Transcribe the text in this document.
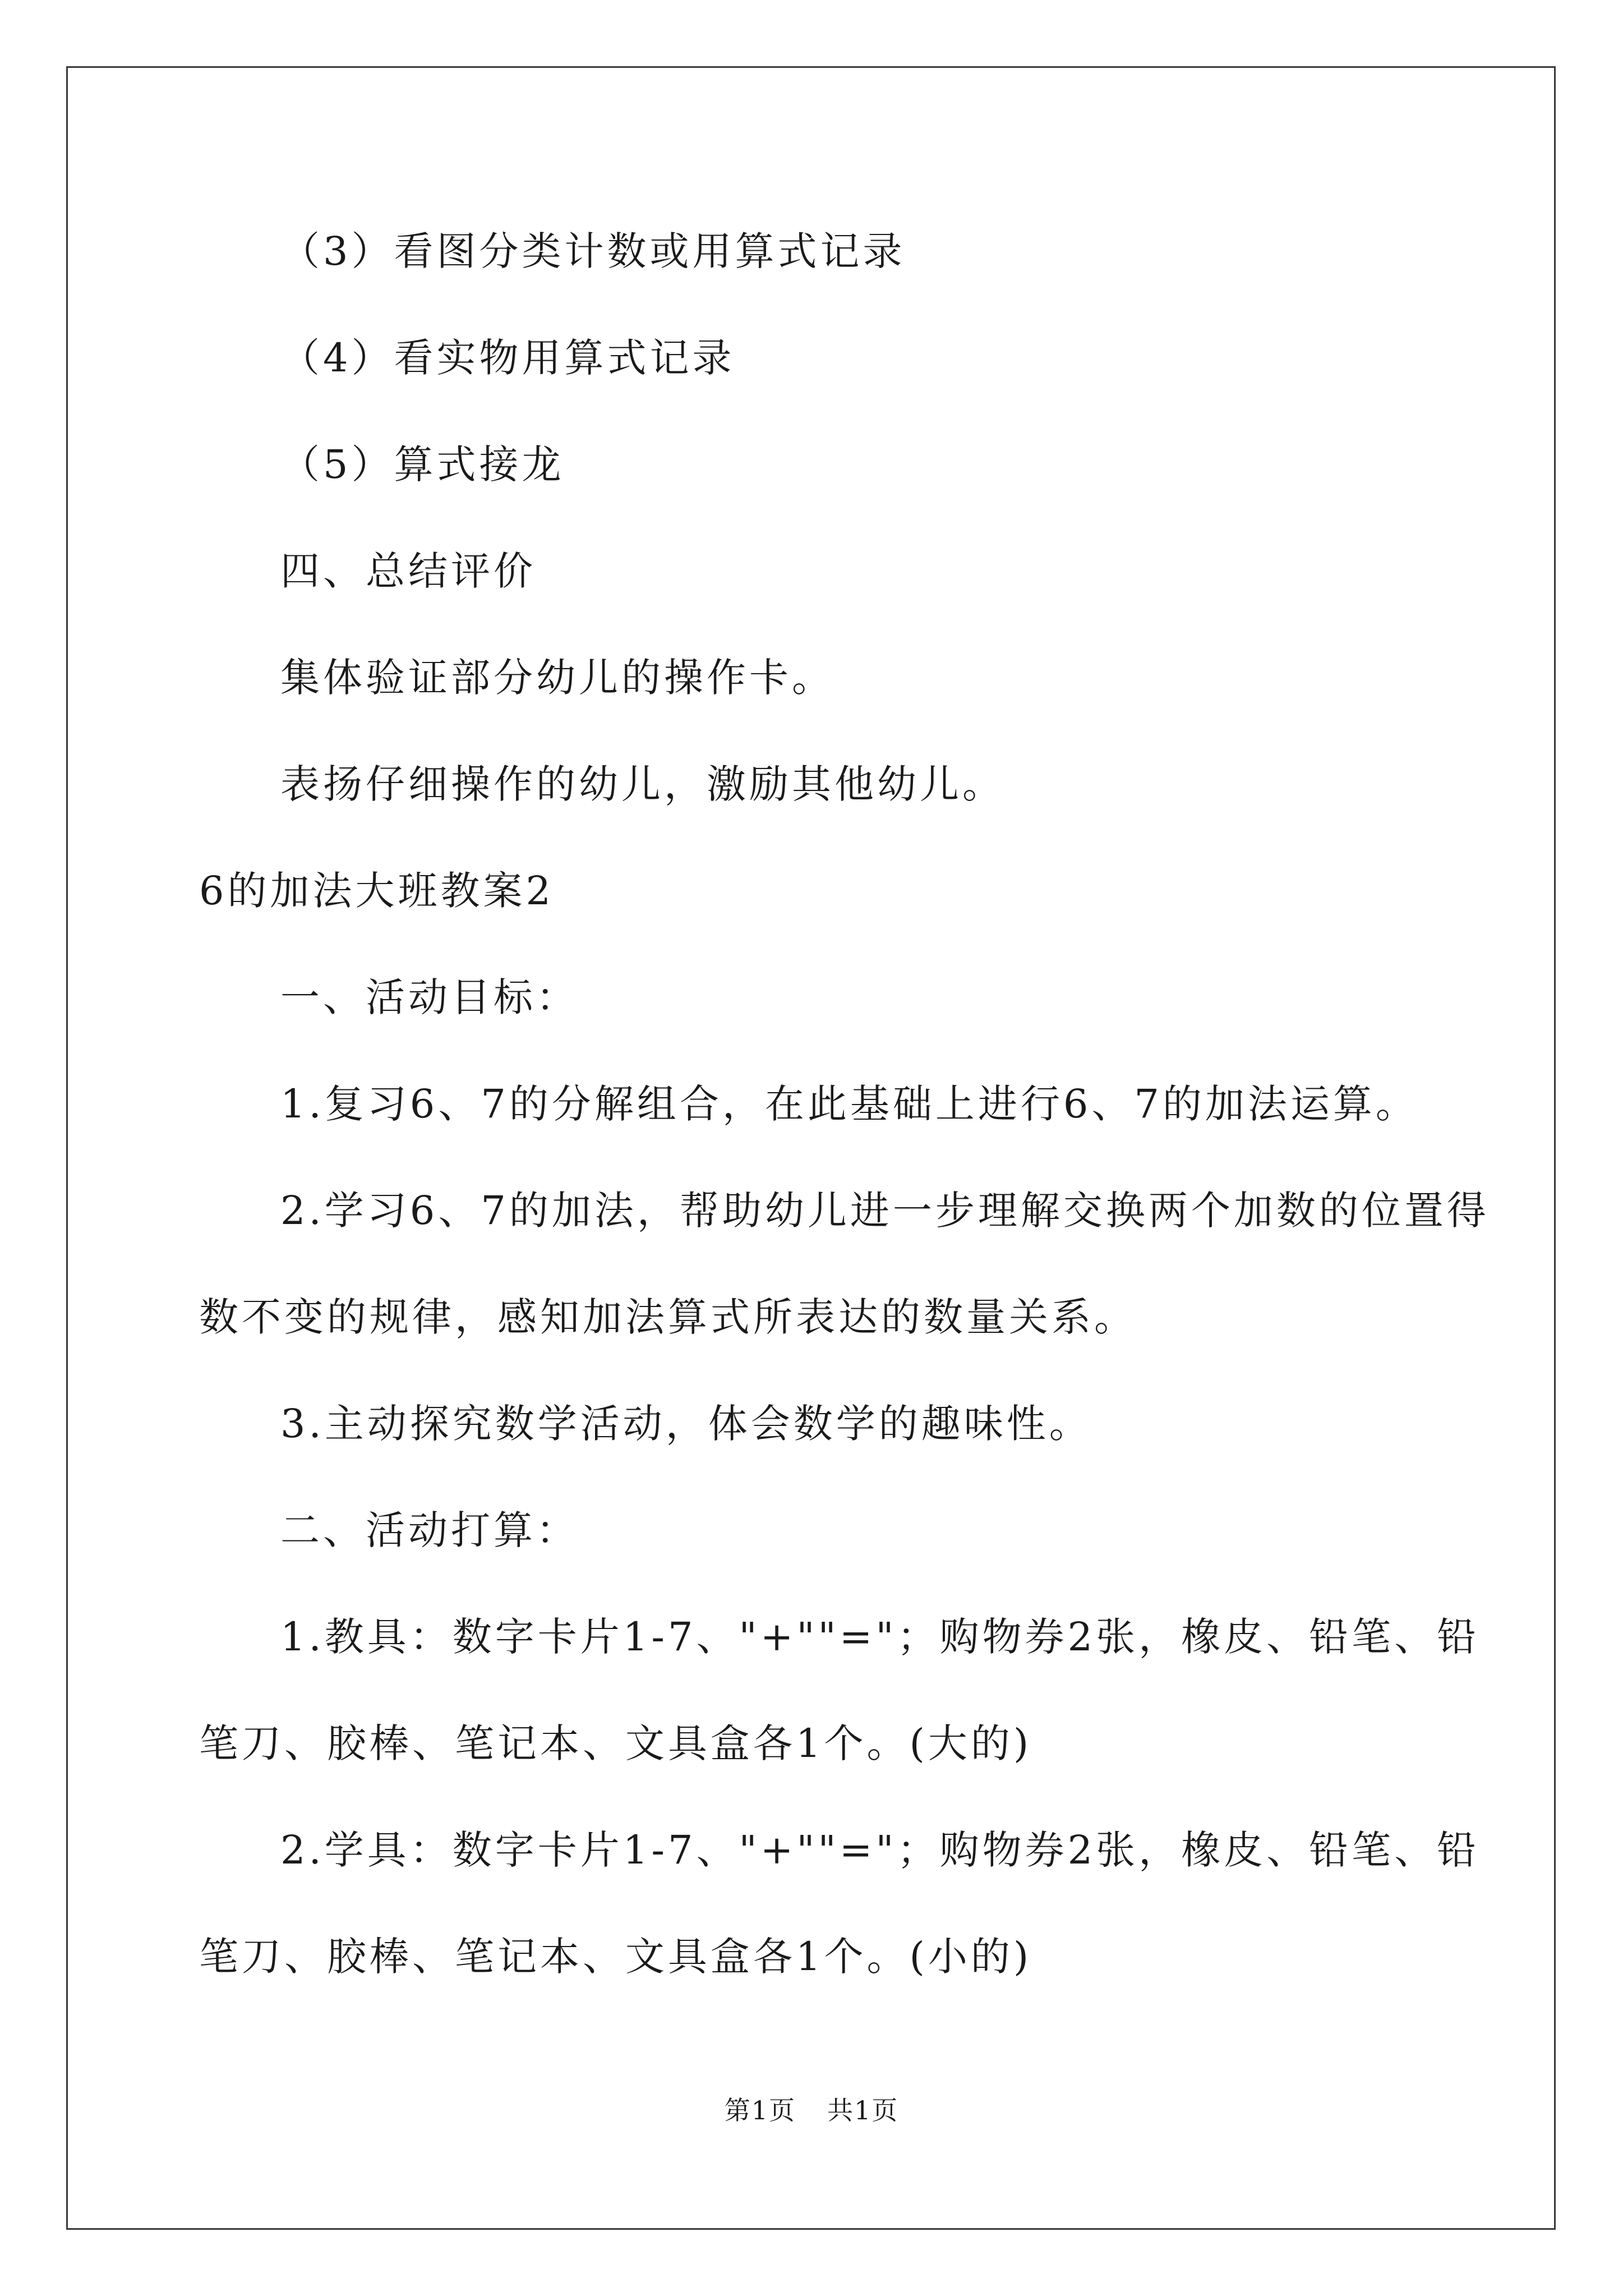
（3）看图分类计数或用算式记录
（4）看实物用算式记录
（5）算式接龙
四、总结评价
集体验证部分幼儿的操作卡。
表扬仔细操作的幼儿，激励其他幼儿。
6的加法大班教案2
一、活动目标：
1.复习6、7的分解组合，在此基础上进行6、7的加法运算。
2.学习6、7的加法，帮助幼儿进一步理解交换两个加数的位置得
数不变的规律，感知加法算式所表达的数量关系。
3.主动探究数学活动，体会数学的趣味性。
二、活动打算：
1.教具：数字卡片1-7、"+""="；购物券2张，橡皮、铅笔、铅
笔刀、胶棒、笔记本、文具盒各1个。(大的)
2.学具：数字卡片1-7、"+""="；购物券2张，橡皮、铅笔、铅
笔刀、胶棒、笔记本、文具盒各1个。(小的)
第1页 共1页
